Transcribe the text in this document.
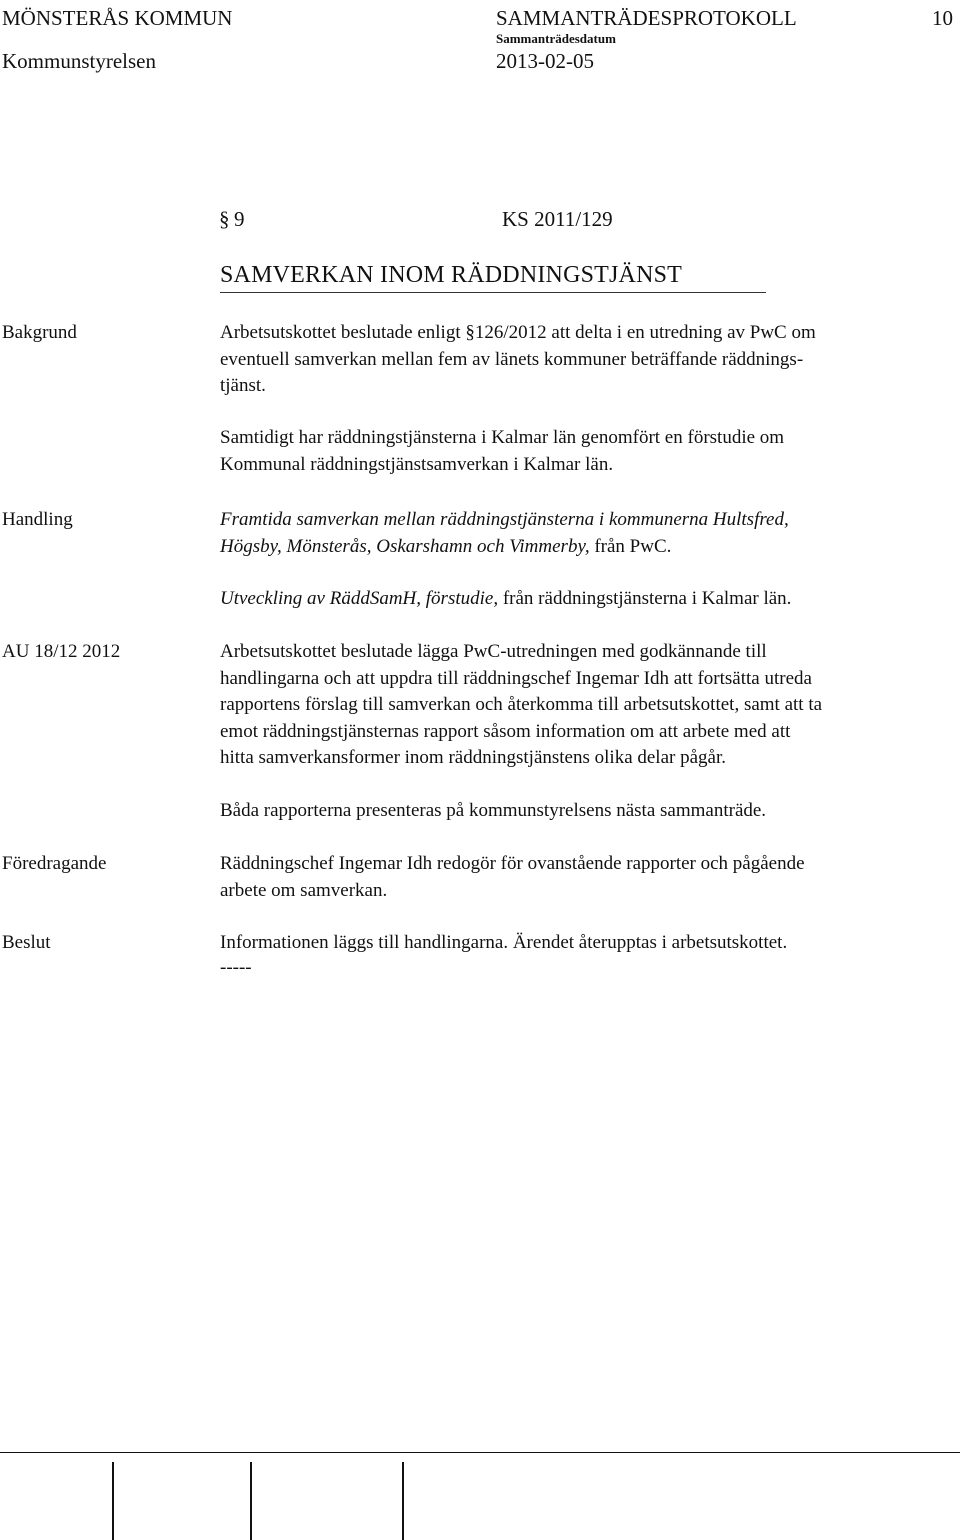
MÖNSTERÅS KOMMUN	SAMMANTRÄDESPROTOKOLL	10
Sammanträdesdatum
Kommunstyrelsen	2013-02-05
§ 9	KS 2011/129
SAMVERKAN INOM RÄDDNINGSTJÄNST
Bakgrund	Arbetsutskottet beslutade enligt §126/2012 att delta i en utredning av PwC om
eventuell samverkan mellan fem av länets kommuner beträffande räddnings-
tjänst.
Samtidigt har räddningstjänsterna i Kalmar län genomfört en förstudie om
Kommunal räddningstjänstsamverkan i Kalmar län.
Handling	Framtida samverkan mellan räddningstjänsterna i kommunerna Hultsfred,
Högsby, Mönsterås, Oskarshamn och Vimmerby, från PwC.
Utveckling av RäddSamH, förstudie, från räddningstjänsterna i Kalmar län.
AU 18/12 2012	Arbetsutskottet beslutade lägga PwC-utredningen med godkännande till
handlingarna och att uppdra till räddningschef Ingemar Idh att fortsätta utreda
rapportens förslag till samverkan och återkomma till arbetsutskottet, samt att ta
emot räddningstjänsternas rapport såsom information om att arbete med att
hitta samverkansformer inom räddningstjänstens olika delar pågår.
Båda rapporterna presenteras på kommunstyrelsens nästa sammanträde.
Föredragande	Räddningschef Ingemar Idh redogör för ovanstående rapporter och pågående
arbete om samverkan.
Beslut	Informationen läggs till handlingarna. Ärendet återupptas i arbetsutskottet.
-----
